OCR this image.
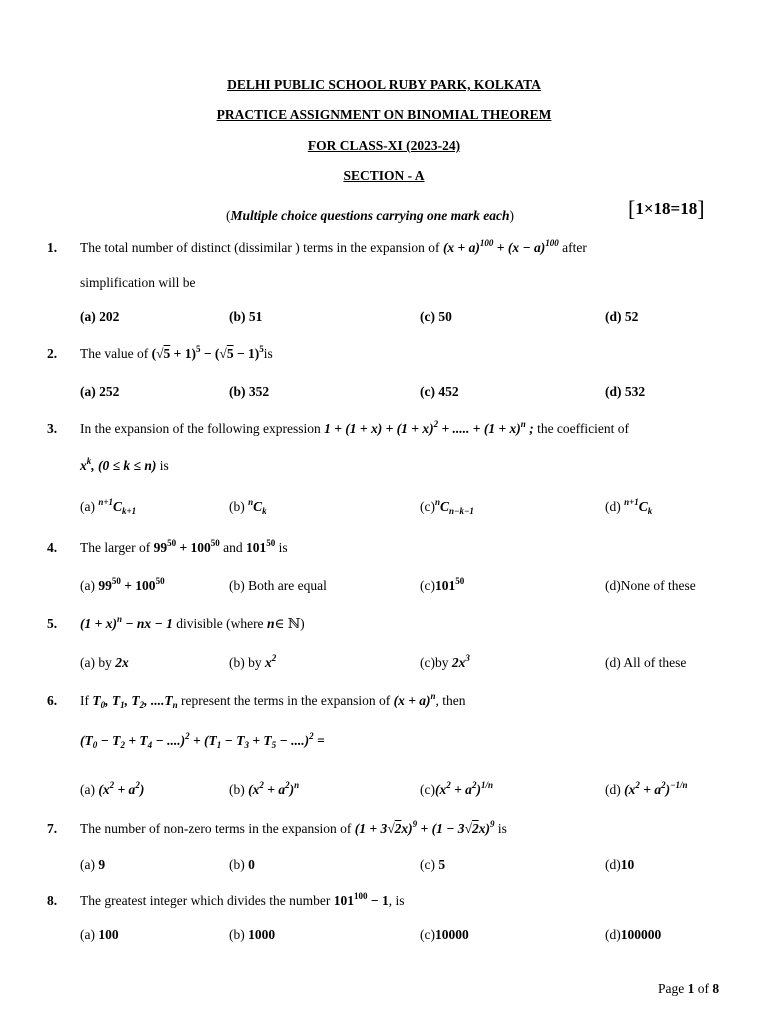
DELHI PUBLIC SCHOOL RUBY PARK, KOLKATA
PRACTICE ASSIGNMENT ON BINOMIAL THEOREM
FOR CLASS-XI (2023-24)
SECTION - A
(Multiple choice questions carrying one mark each)	[1×18=18]
1. The total number of distinct (dissimilar ) terms in the expansion of $(x + a)^{100} + (x - a)^{100}$ after
simplification will be
(a) 202	(b) 51	(c) 50	(d) 52
2. The value of $(√5 + 1)^5 - (√5 - 1)^5is$
(a) 252	(b) 352	(c) 452	(d) 532
3. In the expansion of the following expression $1 + (1 + x) + (1 + x)^2$ + ..... + $(1 + x)^n$ ; the coefficient of
$x^k$, (0 ≤ k ≤ n) is
(a) $^{n+1}C_{k+1}$	(b) $^nC_k$	$(c)^nC_{n-k-1}$	(d) $^{n+1}C_k$
4. The larger of $99^{50} + 100^{50}$ and $101^{50}$ is
(a) $99^{50} + 100^{50}$	(b) Both are equal	$(c)101^{50}$	(d)None of these
5. $(1 + x)^n$ − nx − 1 divisible (where n∈ ℕ)
(a) by 2x	(b) by $x^2$	(c)by $2x^3$	(d) All of these
6. If $T_0$, $T_1$, $T_2$, $....T_n$ represent the terms in the expansion of $(x + a)^n$, then
$(T_0 - T_2 + T_4 - ....)^2 + (T_1 - T_3 + T_5 - ....)^2$ =
(a) $(x^2 + a^2)$	(b) $(x^2 + a^2)^n$	$(c)(x^2 + a^2)^{1/n}$	(d) $(x^2 + a^2)^{-1/n}$
7. The number of non-zero terms in the expansion of $(1 + 3√2x)^9 + (1 - 3√2x)^9$ is
(a) 9	(b) 0	(c) 5	(d)10
8. The greatest integer which divides the number $101^{100} - 1$, is
(a) 100	(b) 1000	(c)10000	(d)100000
Page 1 of 8
